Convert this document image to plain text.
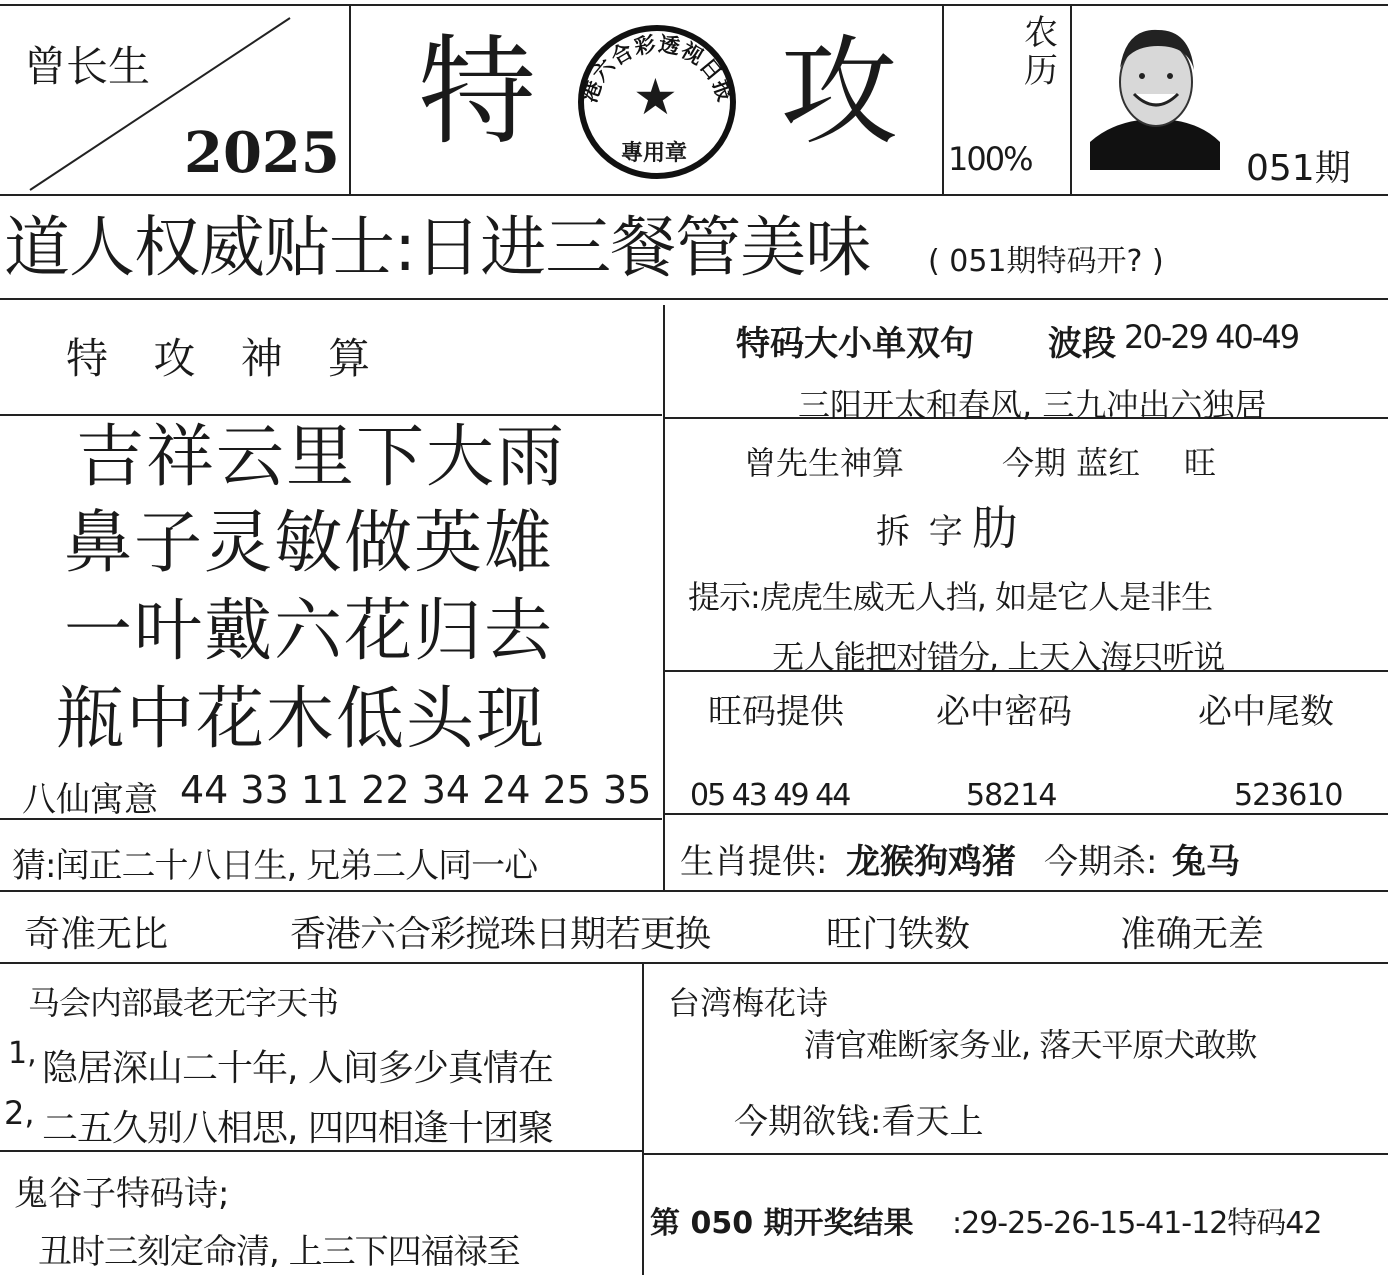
曾长生
2025 特	港六合彩透视日报
★
專用章 攻	农历
100%	051期
道人权威贴士:日进三餐管美味 ( 051期特码开? )
特 攻 神 算
吉祥云里下大雨
鼻子灵敏做英雄
一叶戴六花归去
瓶中花木低头现
八仙寓意 44 33 11 22 34 24 25 35
猜:闰正二十八日生, 兄弟二人同一心
特码大小单双句 波段 20-29 40-49
三阳开太和春风, 三九冲出六独居
曾先生神算	今期 蓝红 旺
拆 字 肋
提示:虎虎生威无人挡, 如是它人是非生
无人能把对错分, 上天入海只听说
旺码提供	必中密码	必中尾数
05 43 49 44	58214	523610
生肖提供: 龙猴狗鸡猪 今期杀: 兔马
奇准无比	香港六合彩搅珠日期若更换	旺门铁数	准确无差
马会内部最老无字天书
1, 隐居深山二十年, 人间多少真情在
2, 二五久别八相思, 四四相逢十团聚
鬼谷子特码诗;
丑时三刻定命清, 上三下四福禄至
台湾梅花诗
清官难断家务业, 落天平原犬敢欺
今期欲钱:看天上
第 050 期开奖结果 :29-25-26-15-41-12特码42
